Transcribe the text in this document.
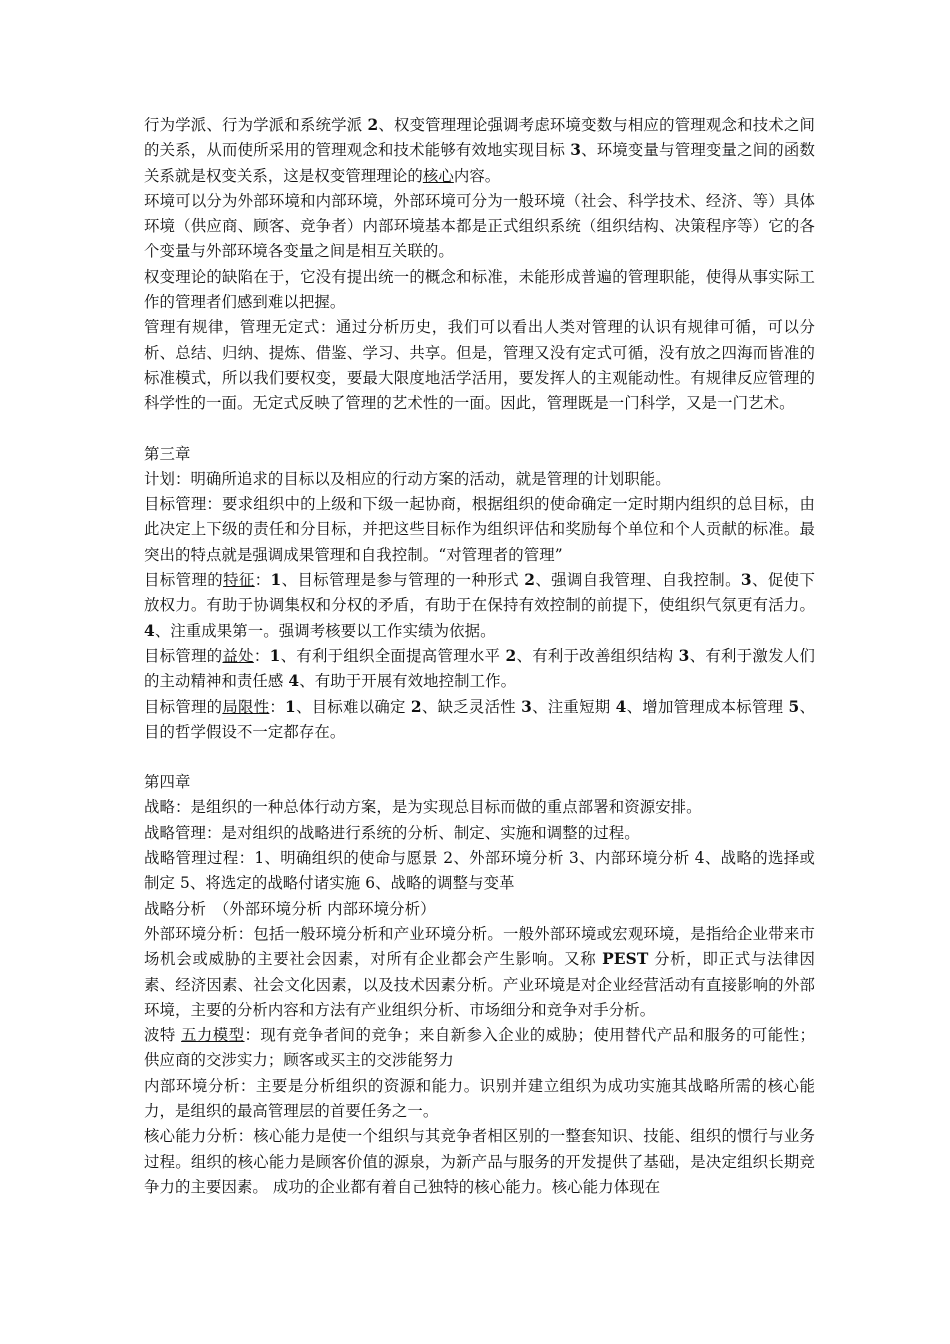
行为学派、行为学派和系统学派 2、权变管理理论强调考虑环境变数与相应的管理观念和技术之间的关系，从而使所采用的管理观念和技术能够有效地实现目标 3、环境变量与管理变量之间的函数关系就是权变关系，这是权变管理理论的核心内容。

环境可以分为外部环境和内部环境，外部环境可分为一般环境（社会、科学技术、经济、等）具体环境（供应商、顾客、竞争者）内部环境基本都是正式组织系统（组织结构、决策程序等）它的各个变量与外部环境各变量之间是相互关联的。

权变理论的缺陷在于，它没有提出统一的概念和标准，未能形成普遍的管理职能，使得从事实际工作的管理者们感到难以把握。

管理有规律，管理无定式：通过分析历史，我们可以看出人类对管理的认识有规律可循，可以分析、总结、归纳、提炼、借鉴、学习、共享。但是，管理又没有定式可循，没有放之四海而皆准的标准模式，所以我们要权变，要最大限度地活学活用，要发挥人的主观能动性。有规律反应管理的科学性的一面。无定式反映了管理的艺术性的一面。因此，管理既是一门科学，又是一门艺术。

第三章

计划：明确所追求的目标以及相应的行动方案的活动，就是管理的计划职能。

目标管理：要求组织中的上级和下级一起协商，根据组织的使命确定一定时期内组织的总目标，由此决定上下级的责任和分目标，并把这些目标作为组织评估和奖励每个单位和个人贡献的标准。最突出的特点就是强调成果管理和自我控制。“对管理者的管理”

目标管理的特征：1、目标管理是参与管理的一种形式 2、强调自我管理、自我控制。3、促使下放权力。有助于协调集权和分权的矛盾，有助于在保持有效控制的前提下，使组织气氛更有活力。4、注重成果第一。强调考核要以工作实绩为依据。

目标管理的益处：1、有利于组织全面提高管理水平 2、有利于改善组织结构 3、有利于激发人们的主动精神和责任感 4、有助于开展有效地控制工作。

目标管理的局限性：1、目标难以确定 2、缺乏灵活性 3、注重短期 4、增加管理成本标管理 5、目的哲学假设不一定都存在。

第四章

战略：是组织的一种总体行动方案，是为实现总目标而做的重点部署和资源安排。

战略管理：是对组织的战略进行系统的分析、制定、实施和调整的过程。

战略管理过程：1、明确组织的使命与愿景 2、外部环境分析 3、内部环境分析 4、战略的选择或制定 5、将选定的战略付诸实施 6、战略的调整与变革

战略分析　（外部环境分析 内部环境分析）

外部环境分析：包括一般环境分析和产业环境分析。一般外部环境或宏观环境，是指给企业带来市场机会或威胁的主要社会因素，对所有企业都会产生影响。又称 PEST 分析，即正式与法律因素、经济因素、社会文化因素，以及技术因素分析。产业环境是对企业经营活动有直接影响的外部环境，主要的分析内容和方法有产业组织分析、市场细分和竞争对手分析。

波特 五力模型：现有竞争者间的竞争；来自新参入企业的威胁；使用替代产品和服务的可能性；供应商的交涉实力；顾客或买主的交涉能努力

内部环境分析：主要是分析组织的资源和能力。识别并建立组织为成功实施其战略所需的核心能力，是组织的最高管理层的首要任务之一。

核心能力分析：核心能力是使一个组织与其竞争者相区别的一整套知识、技能、组织的惯行与业务过程。组织的核心能力是顾客价值的源泉，为新产品与服务的开发提供了基础，是决定组织长期竞争力的主要因素。 成功的企业都有着自己独特的核心能力。核心能力体现在
